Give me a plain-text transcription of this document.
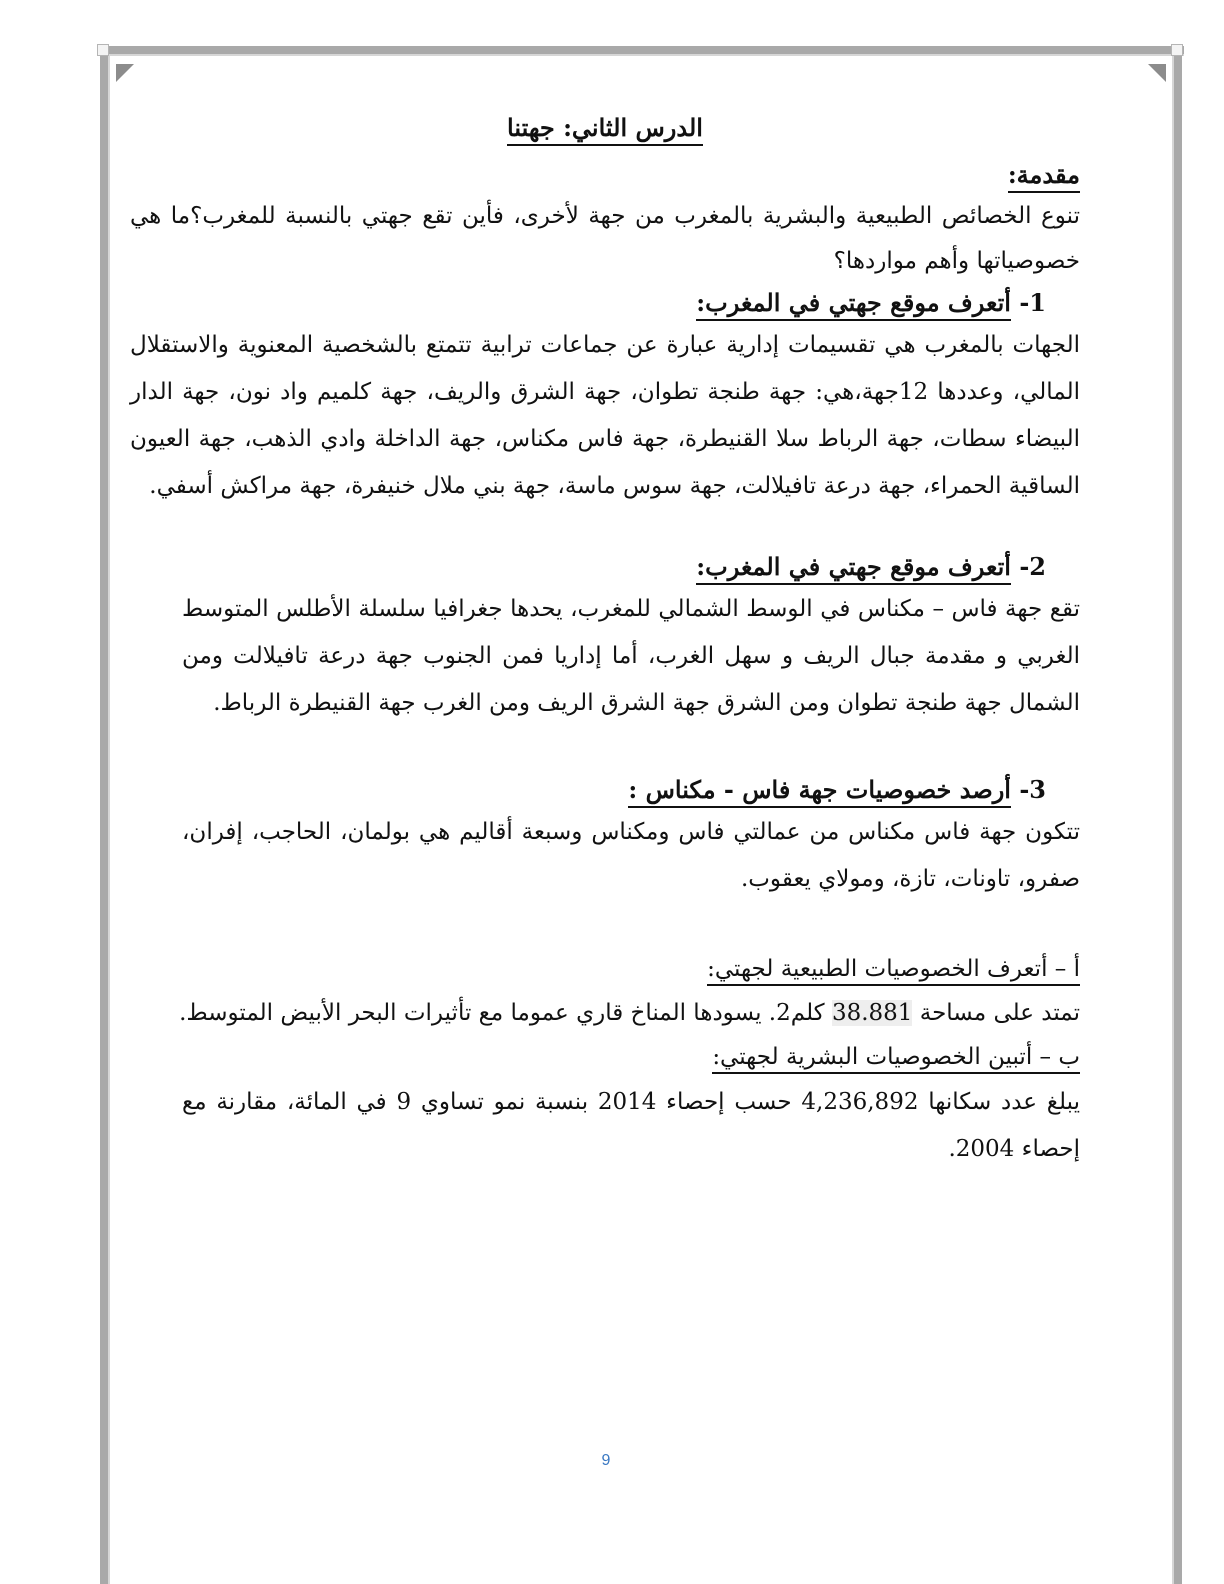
الدرس الثاني: جهتنا
مقدمة:

تنوع الخصائص الطبيعية والبشرية بالمغرب من جهة لأخرى، فأين تقع جهتي بالنسبة للمغرب؟ما هي خصوصياتها وأهم مواردها؟

1- أتعرف موقع جهتي في المغرب:

الجهات بالمغرب هي تقسيمات إدارية عبارة عن جماعات ترابية تتمتع بالشخصية المعنوية والاستقلال المالي، وعددها 12جهة،هي: جهة طنجة تطوان، جهة الشرق والريف، جهة كلميم واد نون، جهة الدار البيضاء سطات، جهة الرباط سلا القنيطرة، جهة فاس مكناس، جهة الداخلة وادي الذهب، جهة العيون الساقية الحمراء، جهة درعة تافيلالت، جهة سوس ماسة، جهة بني ملال خنيفرة، جهة مراكش أسفي.

2- أتعرف موقع جهتي في المغرب:

تقع جهة فاس – مكناس في الوسط الشمالي للمغرب، يحدها جغرافيا سلسلة الأطلس المتوسط الغربي و مقدمة جبال الريف و سهل الغرب، أما إداريا فمن الجنوب جهة درعة تافيلالت ومن الشمال جهة طنجة تطوان ومن الشرق جهة الشرق الريف ومن الغرب جهة القنيطرة الرباط.

3- أرصد خصوصيات جهة فاس - مكناس :

تتكون جهة فاس مكناس من عمالتي فاس ومكناس وسبعة أقاليم هي بولمان، الحاجب، إفران، صفرو، تاونات، تازة، ومولاي يعقوب.

أ – أتعرف الخصوصيات الطبيعية لجهتي:

تمتد على مساحة 38.881 كلم2. يسودها المناخ قاري عموما مع تأثيرات البحر الأبيض المتوسط.

ب – أتبين الخصوصيات البشرية لجهتي:

يبلغ عدد سكانها 4,236,892 حسب إحصاء 2014 بنسبة نمو تساوي 9 في المائة، مقارنة مع إحصاء 2004.

9
